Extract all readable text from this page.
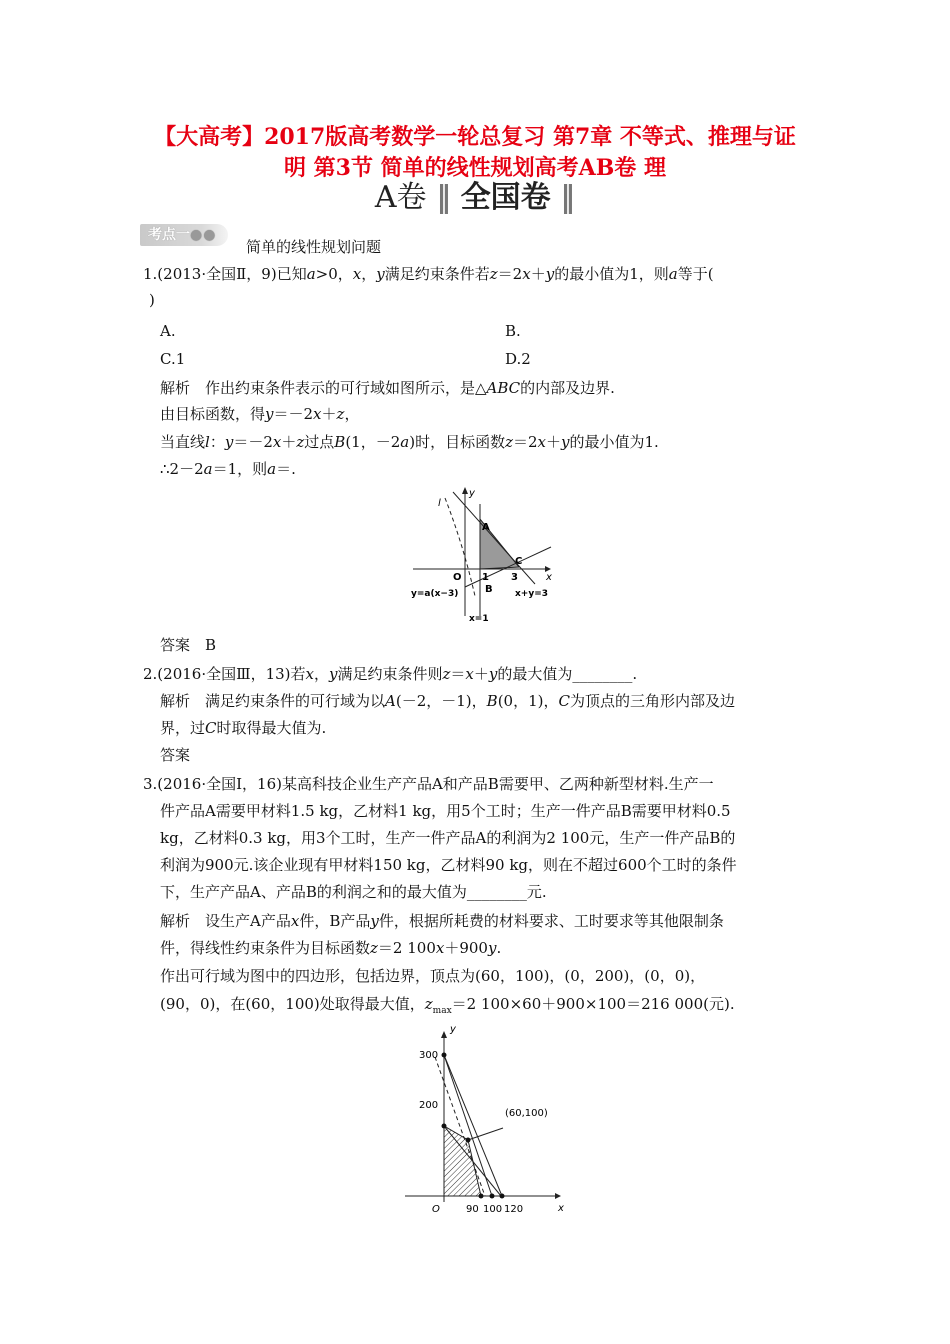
【大高考】2017版高考数学一轮总复习 第7章 不等式、推理与证
明 第3节 简单的线性规划高考AB卷 理
A卷 ‖ 全国卷 ‖
考点一●●
简单的线性规划问题
1.(2013·全国Ⅱ，9)已知a>0，x，y满足约束条件若z＝2x＋y的最小值为1，则a等于(
)
A.	B.
C.1	D.2
解析　作出约束条件表示的可行域如图所示，是△ABC的内部及边界.
由目标函数，得y＝－2x＋z，
当直线l：y＝－2x＋z过点B(1，－2a)时，目标函数z＝2x＋y的最小值为1.
∴2－2a＝1，则a＝.
y
x
l
A
B
C
O 1 3
y=a(x−3)	x+y=3
x=1
答案　B
2.(2016·全国Ⅲ，13)若x，y满足约束条件则z＝x＋y的最大值为________.
解析　满足约束条件的可行域为以A(－2，－1)，B(0，1)，C为顶点的三角形内部及边
界，过C时取得最大值为.
答案
3.(2016·全国Ⅰ，16)某高科技企业生产产品A和产品B需要甲、乙两种新型材料.生产一
件产品A需要甲材料1.5 kg，乙材料1 kg，用5个工时；生产一件产品B需要甲材料0.5
kg，乙材料0.3 kg，用3个工时，生产一件产品A的利润为2 100元，生产一件产品B的
利润为900元.该企业现有甲材料150 kg，乙材料90 kg，则在不超过600个工时的条件
下，生产产品A、产品B的利润之和的最大值为________元.
解析　设生产A产品x件，B产品y件，根据所耗费的材料要求、工时要求等其他限制条
件，得线性约束条件为目标函数z＝2 100x＋900y.
作出可行域为图中的四边形，包括边界，顶点为(60，100)，(0，200)，(0，0)，
(90，0)，在(60，100)处取得最大值，$z_{max}=2$ 100×60＋900×100＝216 000(元).
y
x
O
300
200
90 100 120
(60,100)
